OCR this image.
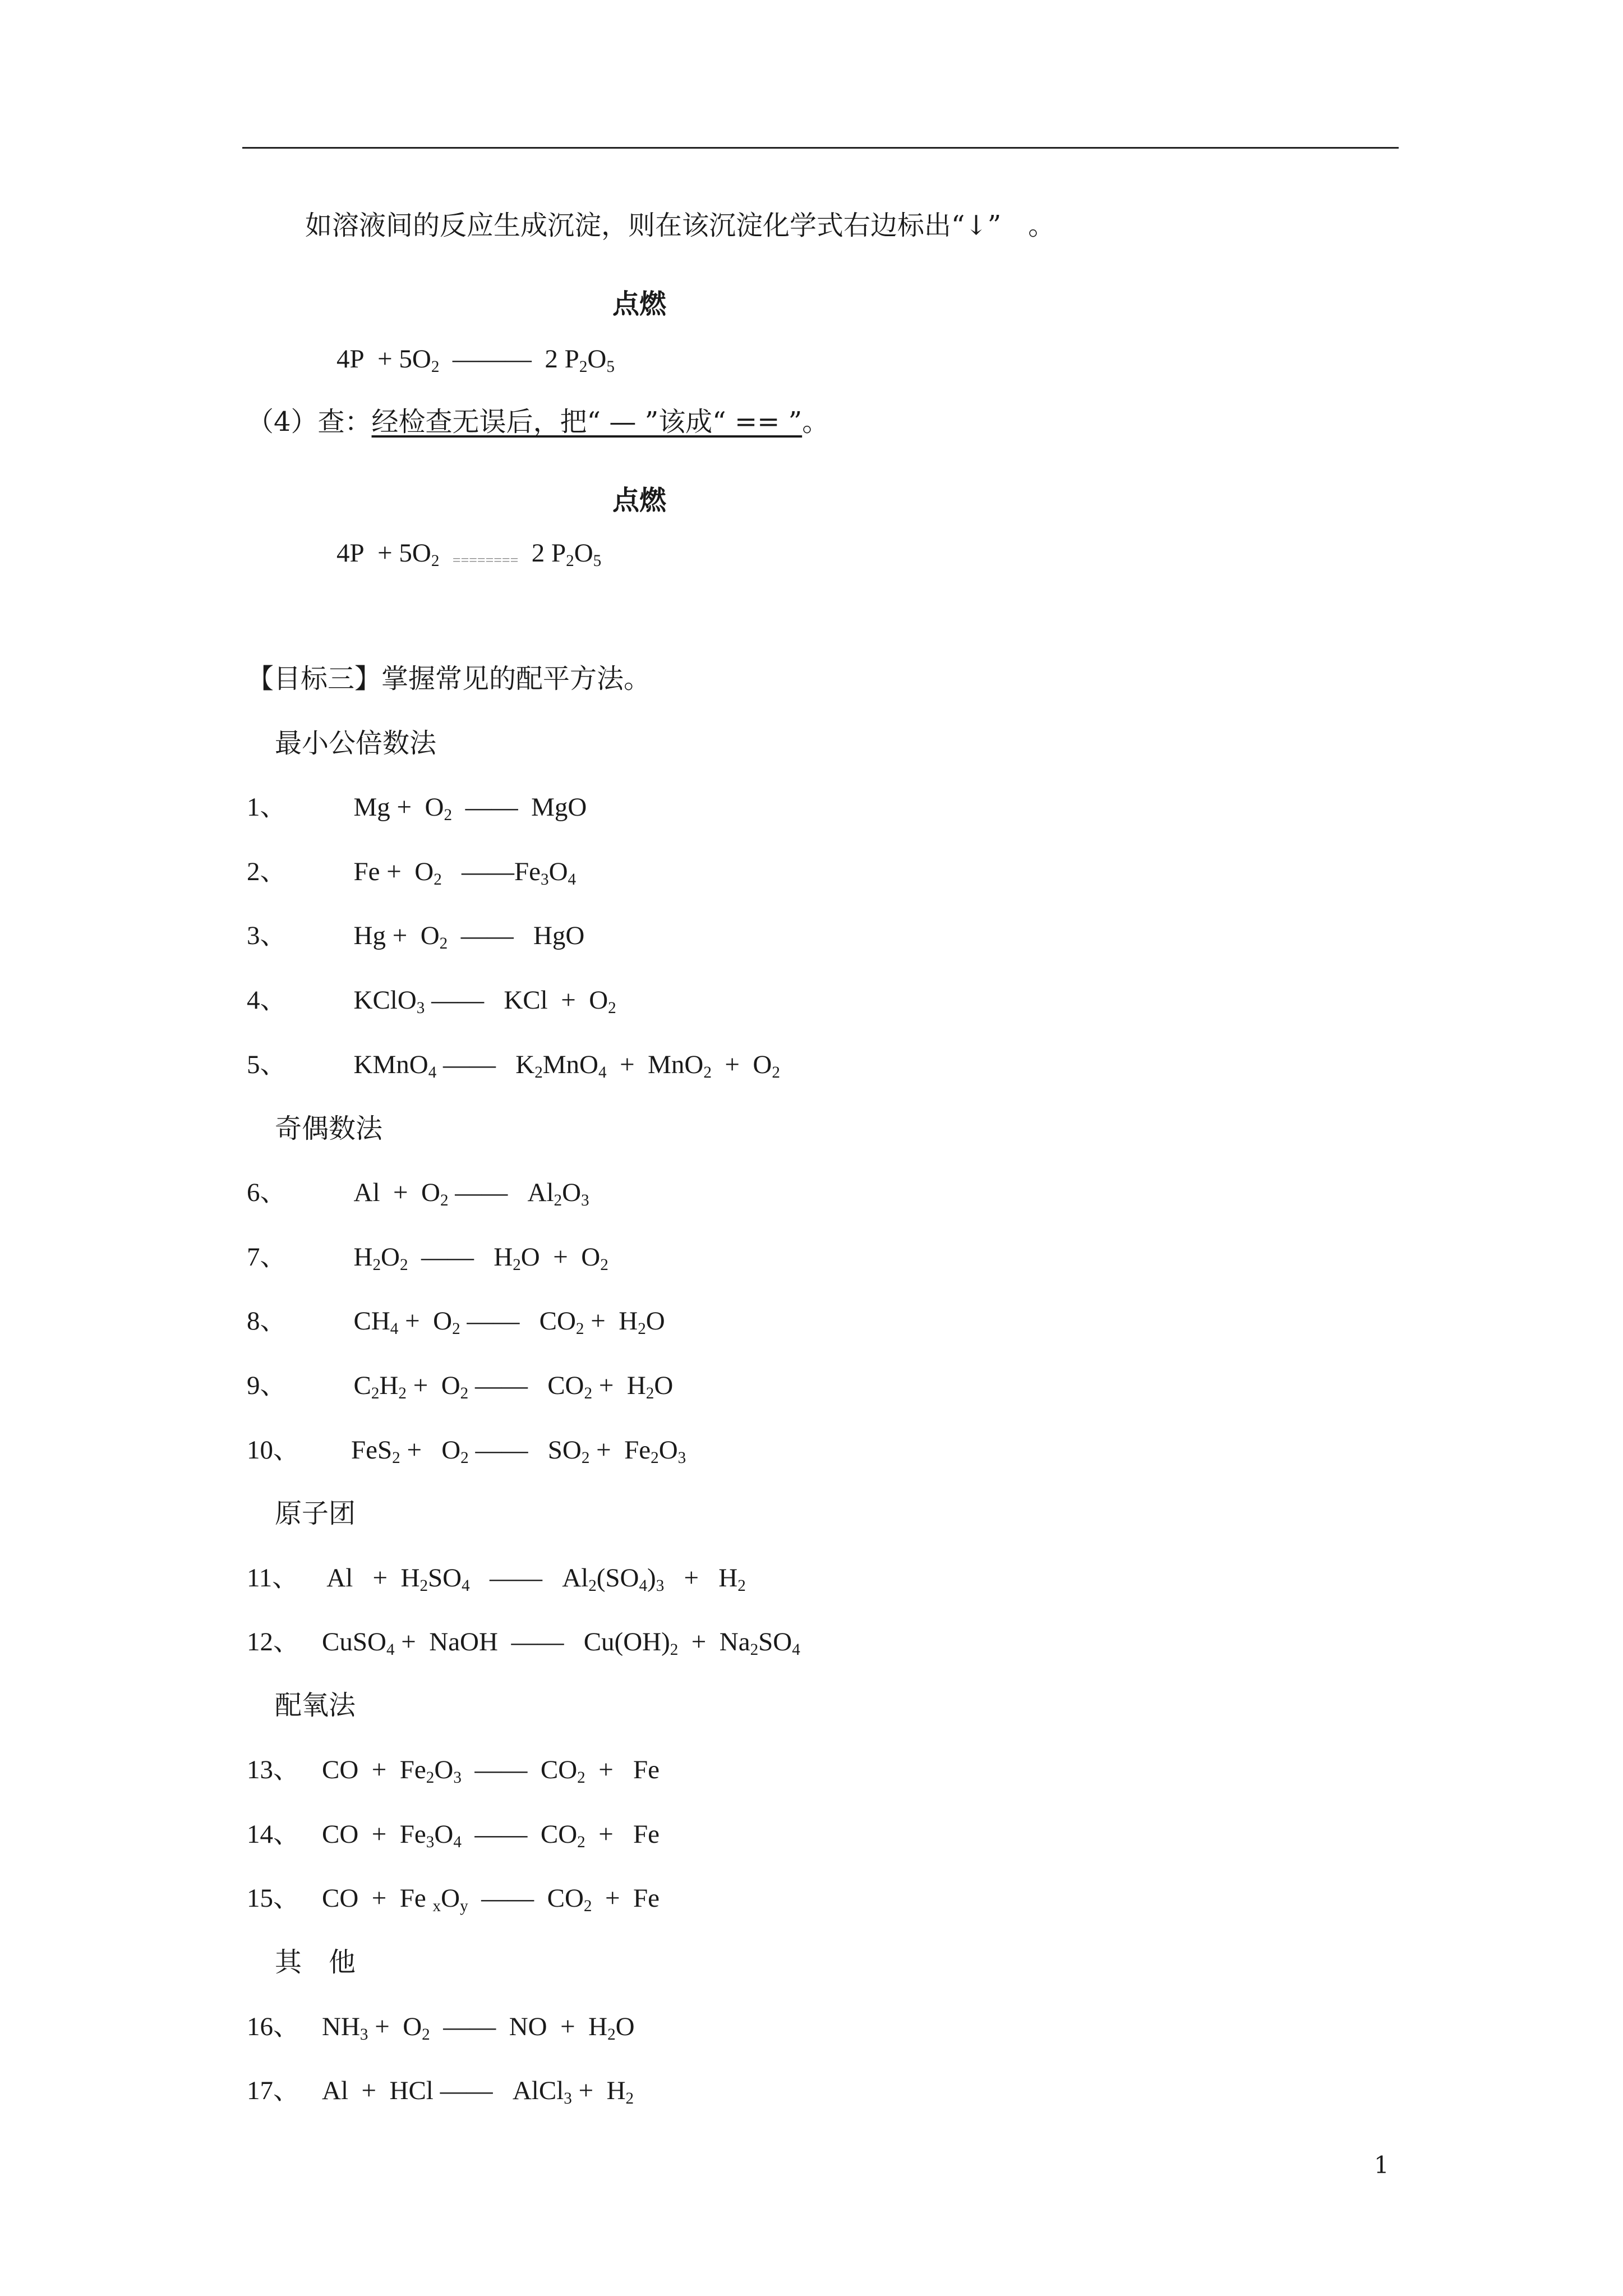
如溶液间的反应生成沉淀，则在该沉淀化学式右边标出“↓”　。
点燃
$4P + 5O_2$ ——— 2 $P_2O_5$
（4）查：经检查无误后，把“ — ”该成“ == ”。
点燃
$4P + 5O_2$ ======== 2 $P_2O_5$
【目标三】掌握常见的配平方法。
最小公倍数法
1、	$Mg + O_2$  ——  MgO
2、	$Fe + O_2$   $——Fe_3O_4$
3、	$Hg + O_2$  ——   HgO
4、	KClO$_3$ ——   KCl  +  $O_2$
5、	KMnO$_4$ ——   $K_2MnO_4 + MnO_2 + O_2$
奇偶数法
6、	$Al + O_2$ ——   $Al_2O_3$
7、	$H_2O_2$  ——   $H_2O + O_2$
8、	$CH_4 + O_2$ ——   $CO_2 + H_2O$
9、	$C_2H_2 + O_2$ ——   $CO_2 + H_2O$
10、 $FeS_2 + O_2$ ——   $SO_2 + Fe_2O_3$
原子团
11、 $Al + H_2SO_4$   ——   $Al_2(SO_4)_3 + H_2$
12、 CuSO$_4$ +  NaOH  ——   $Cu(OH)_2 + Na_2SO_4$
配氧法
13、 CO  +  $Fe_2O_3$  ——  $CO_2 + Fe$
14、 CO  +  $Fe_3O_4$  ——  $CO_2 + Fe$
15、 CO  +  Fe $_xO_y$  ——  $CO_2 + Fe$
其　他
16、 $NH_3 + O_2$  ——  NO  +  $H_2O$
17、 Al  +  HCl ——   AlCl$_3$ +  $H_2$
1
